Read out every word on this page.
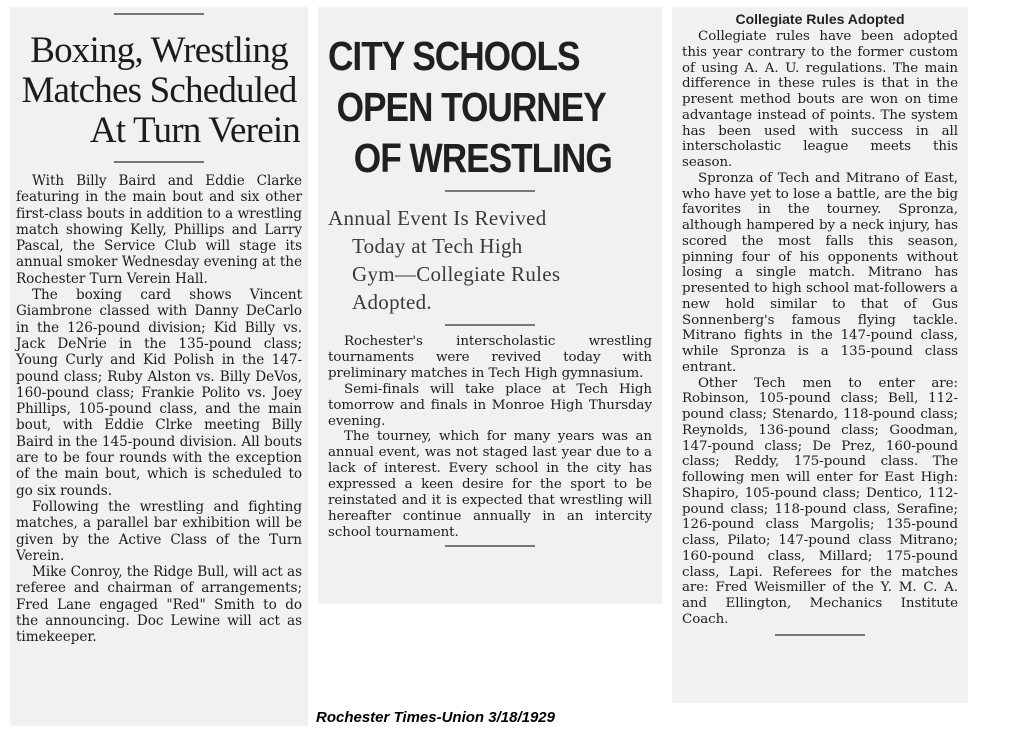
Boxing, Wrestling
Matches Scheduled
At Turn Verein

With Billy Baird and Eddie Clarke featuring in the main bout and six other first-class bouts in addition to a wrestling match showing Kelly, Phillips and Larry Pascal, the Service Club will stage its annual smoker Wednesday evening at the Rochester Turn Verein Hall.

The boxing card shows Vincent Giambrone classed with Danny DeCarlo in the 126-pound division; Kid Billy vs. Jack DeNrie in the 135-pound class; Young Curly and Kid Polish in the 147-pound class; Ruby Alston vs. Billy DeVos, 160-pound class; Frankie Polito vs. Joey Phillips, 105-pound class, and the main bout, with Eddie Clrke meeting Billy Baird in the 145-pound division. All bouts are to be four rounds with the exception of the main bout, which is scheduled to go six rounds.

Following the wrestling and fighting matches, a parallel bar exhibition will be given by the Active Class of the Turn Verein.

Mike Conroy, the Ridge Bull, will act as referee and chairman of arrangements; Fred Lane engaged "Red" Smith to do the announcing. Doc Lewine will act as timekeeper.

CITY SCHOOLS
OPEN TOURNEY
OF WRESTLING
Annual Event Is Revived
Today at Tech High
Gym—Collegiate Rules
Adopted.

Rochester's interscholastic wrestling tournaments were revived today with preliminary matches in Tech High gymnasium.

Semi-finals will take place at Tech High tomorrow and finals in Monroe High Thursday evening.

The tourney, which for many years was an annual event, was not staged last year due to a lack of interest. Every school in the city has expressed a keen desire for the sport to be reinstated and it is expected that wrestling will hereafter continue annually in an intercity school tournament.

Collegiate Rules Adopted

Collegiate rules have been adopted this year contrary to the former custom of using A. A. U. regulations. The main difference in these rules is that in the present method bouts are won on time advantage instead of points. The system has been used with success in all interscholastic league meets this season.

Spronza of Tech and Mitrano of East, who have yet to lose a battle, are the big favorites in the tourney. Spronza, although hampered by a neck injury, has scored the most falls this season, pinning four of his opponents without losing a single match. Mitrano has presented to high school mat-followers a new hold similar to that of Gus Sonnenberg's famous flying tackle. Mitrano fights in the 147-pound class, while Spronza is a 135-pound class entrant.

Other Tech men to enter are: Robinson, 105-pound class; Bell, 112-pound class; Stenardo, 118-pound class; Reynolds, 136-pound class; Goodman, 147-pound class; De Prez, 160-pound class; Reddy, 175-pound class. The following men will enter for East High: Shapiro, 105-pound class; Dentico, 112-pound class; 118-pound class, Serafine; 126-pound class Margolis; 135-pound class, Pilato; 147-pound class Mitrano; 160-pound class, Millard; 175-pound class, Lapi. Referees for the matches are: Fred Weismiller of the Y. M. C. A. and Ellington, Mechanics Institute Coach.

Rochester Times-Union 3/18/1929
